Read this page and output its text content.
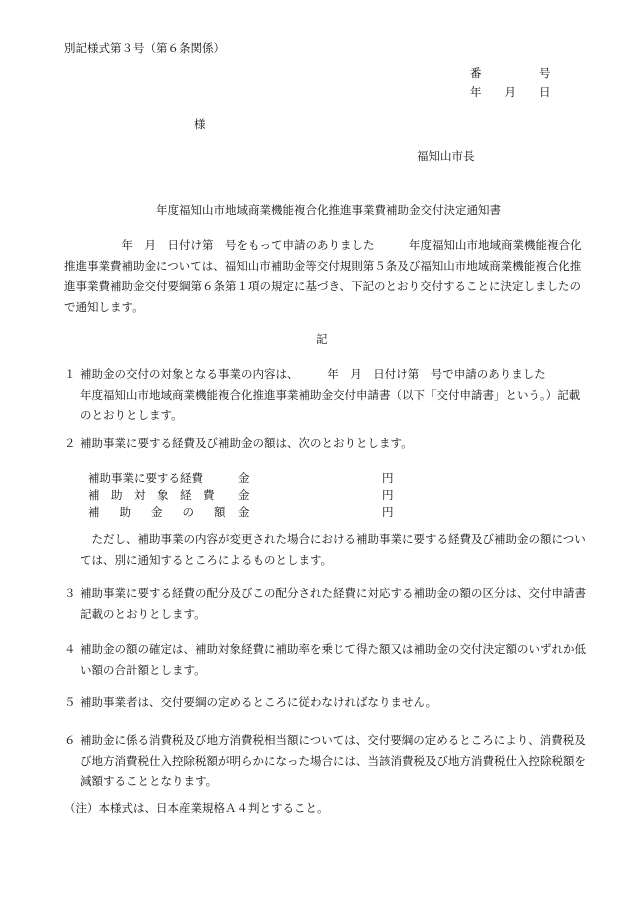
別記様式第３号（第６条関係）
番　　　　　号
年　　月　　日
様
福知山市長
年度福知山市地域商業機能複合化推進事業費補助金交付決定通知書
　　　　　年　月　日付け第　号をもって申請のありました　　　年度福知山市地域商業機能複合化推進事業費補助金については、福知山市補助金等交付規則第５条及び福知山市地域商業機能複合化推進事業費補助金交付要綱第６条第１項の規定に基づき、下記のとおり交付することに決定しましたので通知します。
記
１ 補助金の交付の対象となる事業の内容は、　　　年　月　日付け第　号で申請のありました　　　年度福知山市地域商業機能複合化推進事業補助金交付申請書（以下「交付申請書」という。）記載のとおりとします。
２ 補助事業に要する経費及び補助金の額は、次のとおりとします。
補助事業に要する経費	金	円
補　助　対　象　経　費 金	円
補　　助　　金　　の　　額 金	円
　ただし、補助事業の内容が変更された場合における補助事業に要する経費及び補助金の額については、別に通知するところによるものとします。
３ 補助事業に要する経費の配分及びこの配分された経費に対応する補助金の額の区分は、交付申請書記載のとおりとします。
４ 補助金の額の確定は、補助対象経費に補助率を乗じて得た額又は補助金の交付決定額のいずれか低い額の合計額とします。
５ 補助事業者は、交付要綱の定めるところに従わなければなりません。
６ 補助金に係る消費税及び地方消費税相当額については、交付要綱の定めるところにより、消費税及び地方消費税仕入控除税額が明らかになった場合には、当該消費税及び地方消費税仕入控除税額を減額することとなります。
（注）本様式は、日本産業規格Ａ４判とすること。
